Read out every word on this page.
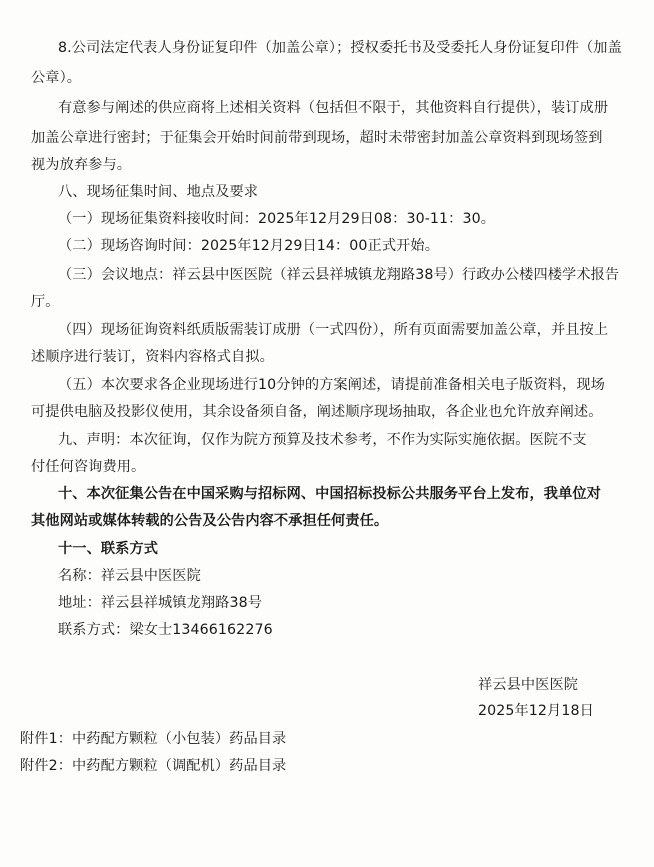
8.公司法定代表人身份证复印件（加盖公章）；授权委托书及受委托人身份证复印件（加盖
公章）。
有意参与阐述的供应商将上述相关资料（包括但不限于，其他资料自行提供），装订成册
加盖公章进行密封；于征集会开始时间前带到现场，超时未带密封加盖公章资料到现场签到
视为放弃参与。
八、现场征集时间、地点及要求
（一）现场征集资料接收时间：2025年12月29日08：30-11：30。
（二）现场咨询时间：2025年12月29日14：00正式开始。
（三）会议地点：祥云县中医医院（祥云县祥城镇龙翔路38号）行政办公楼四楼学术报告
厅。
（四）现场征询资料纸质版需装订成册（一式四份），所有页面需要加盖公章，并且按上
述顺序进行装订，资料内容格式自拟。
（五）本次要求各企业现场进行10分钟的方案阐述，请提前准备相关电子版资料，现场
可提供电脑及投影仪使用，其余设备须自备，阐述顺序现场抽取，各企业也允许放弃阐述。
九、声明：本次征询，仅作为院方预算及技术参考，不作为实际实施依据。医院不支
付任何咨询费用。
十、本次征集公告在中国采购与招标网、中国招标投标公共服务平台上发布，我单位对
其他网站或媒体转载的公告及公告内容不承担任何责任。
十一、联系方式
名称：祥云县中医医院
地址：祥云县祥城镇龙翔路38号
联系方式：梁女士13466162276
祥云县中医医院
2025年12月18日
附件1：中药配方颗粒（小包装）药品目录
附件2：中药配方颗粒（调配机）药品目录
